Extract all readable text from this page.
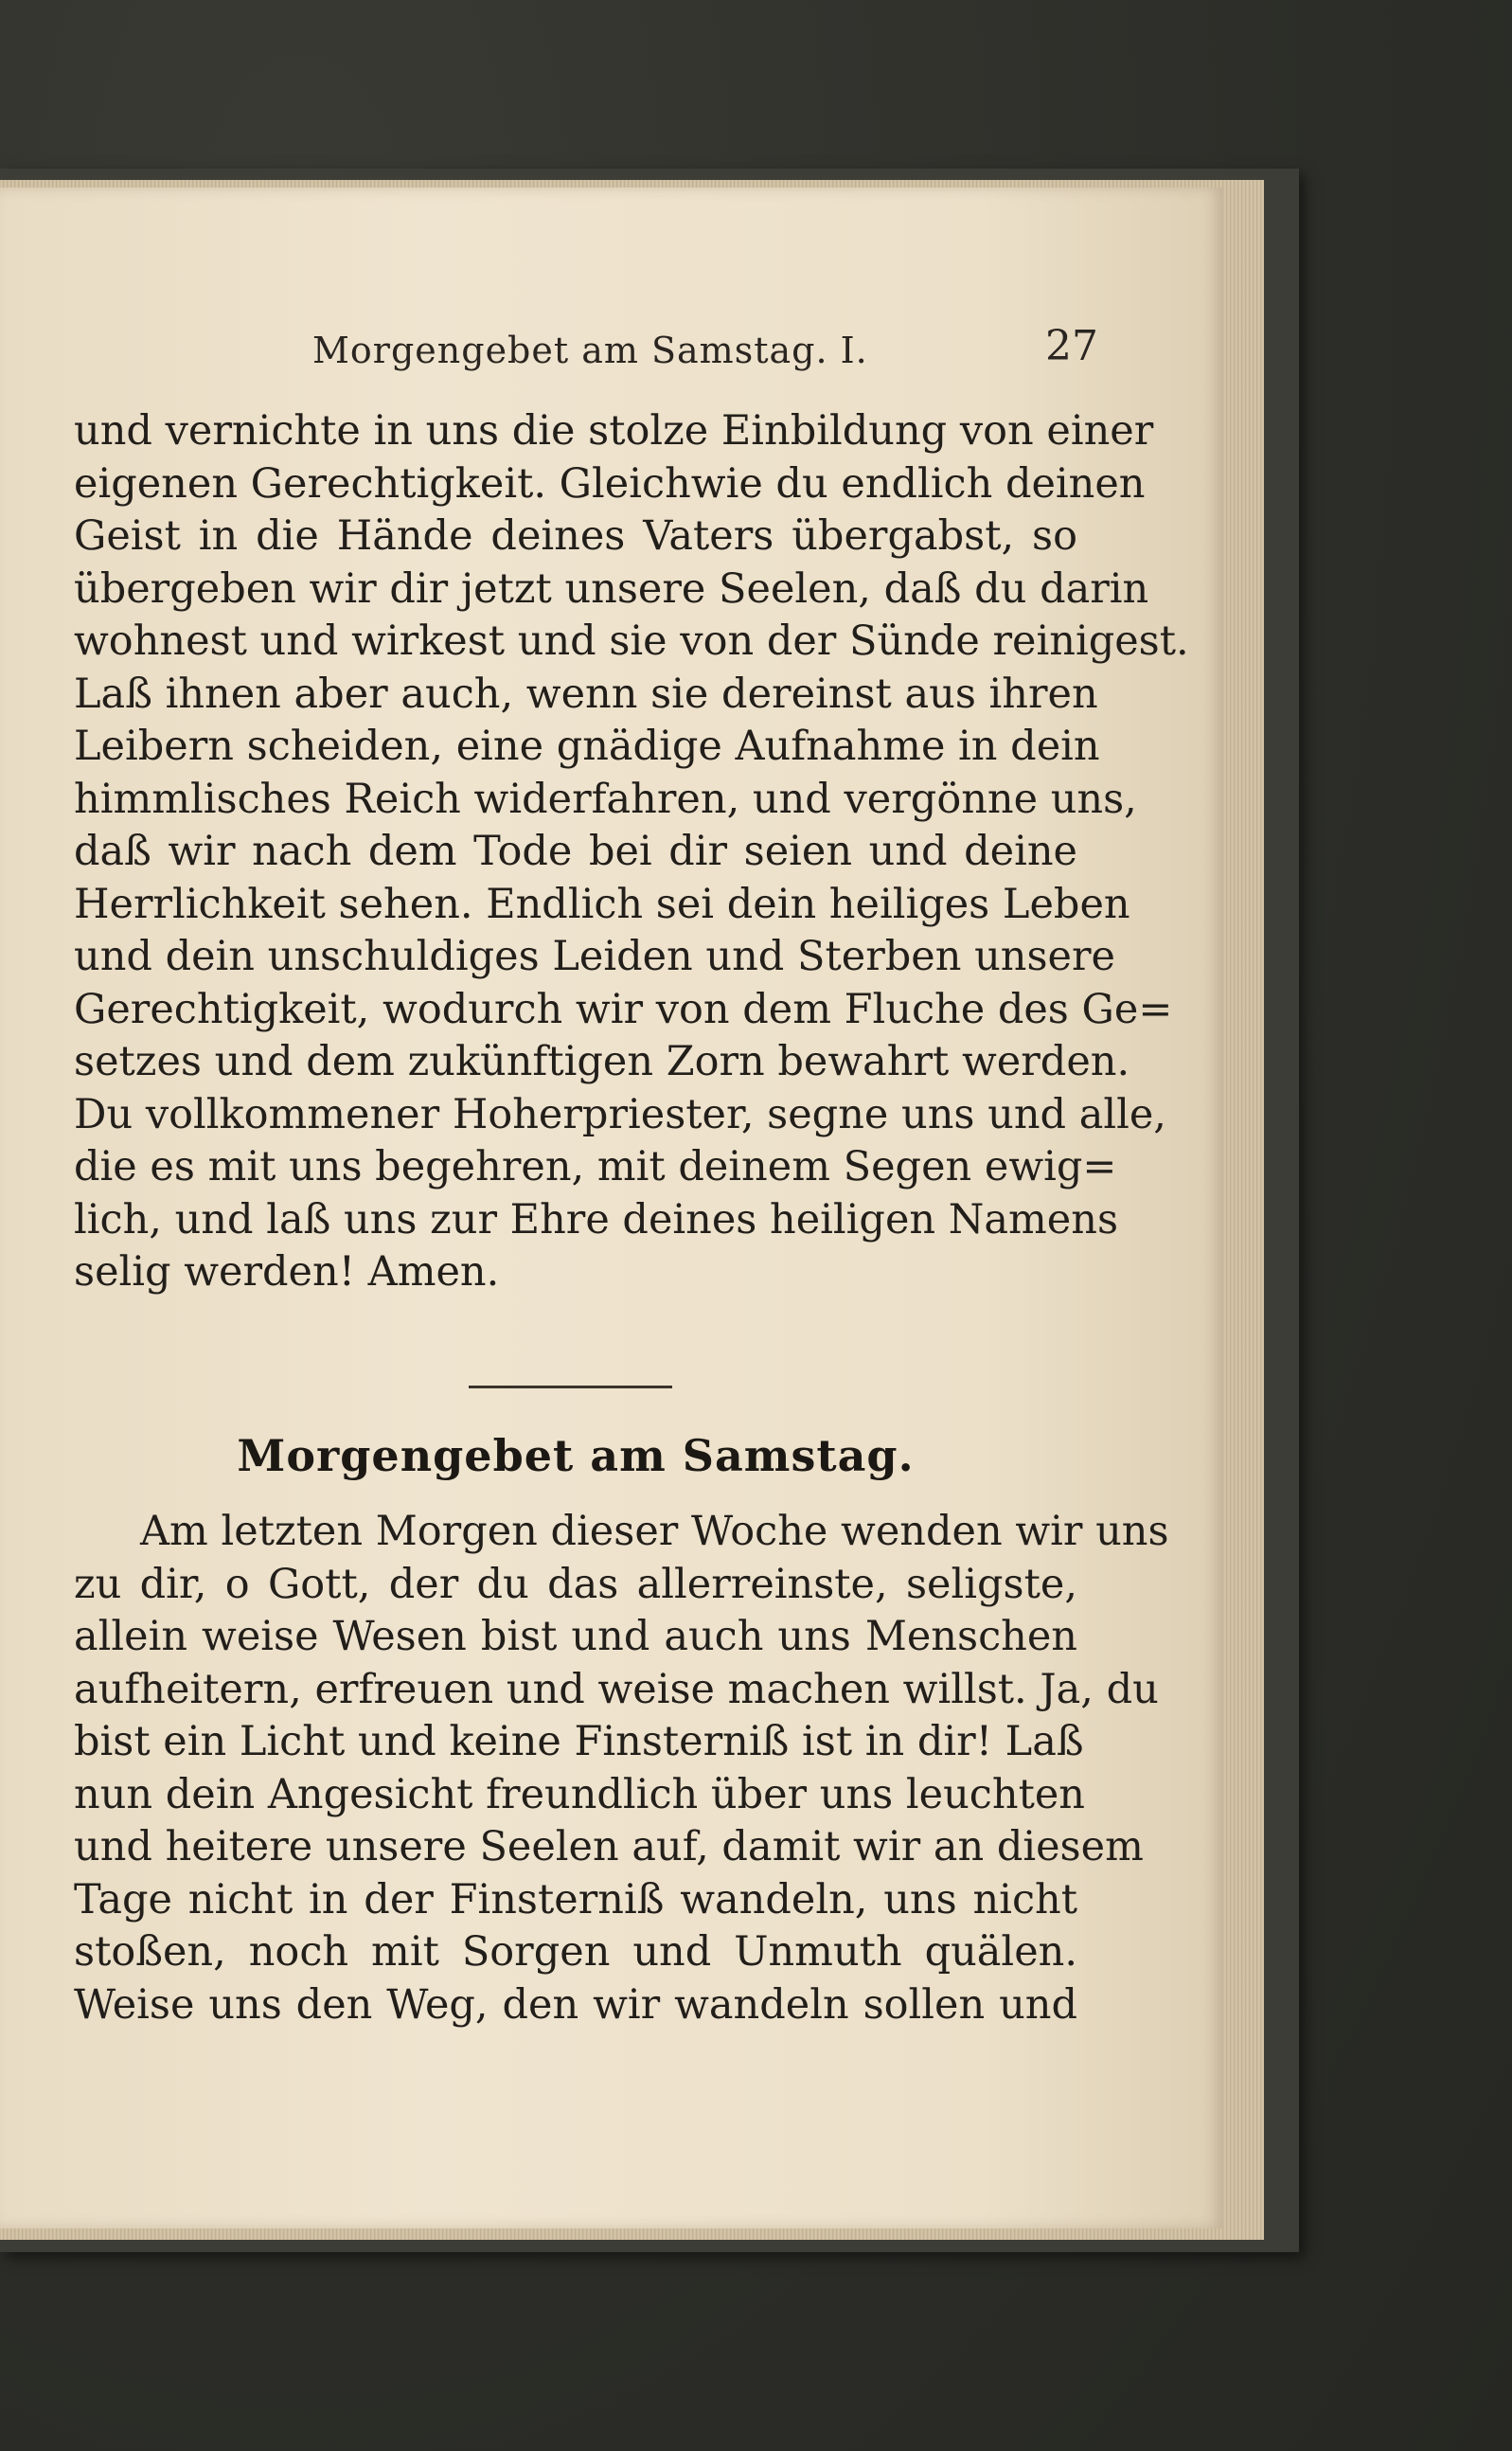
Morgengebet am Samstag. I.	27
und vernichte in uns die stolze Einbildung von einer
eigenen Gerechtigkeit. Gleichwie du endlich deinen
Geist in die Hände deines Vaters übergabst, so
übergeben wir dir jetzt unsere Seelen, daß du darin
wohnest und wirkest und sie von der Sünde reinigest.
Laß ihnen aber auch, wenn sie dereinst aus ihren
Leibern scheiden, eine gnädige Aufnahme in dein
himmlisches Reich widerfahren, und vergönne uns,
daß wir nach dem Tode bei dir seien und deine
Herrlichkeit sehen. Endlich sei dein heiliges Leben
und dein unschuldiges Leiden und Sterben unsere
Gerechtigkeit, wodurch wir von dem Fluche des Ge=
setzes und dem zukünftigen Zorn bewahrt werden.
Du vollkommener Hoherpriester, segne uns und alle,
die es mit uns begehren, mit deinem Segen ewig=
lich, und laß uns zur Ehre deines heiligen Namens
selig werden! Amen.
Morgengebet am Samstag.
Am letzten Morgen dieser Woche wenden wir uns
zu dir, o Gott, der du das allerreinste, seligste,
allein weise Wesen bist und auch uns Menschen
aufheitern, erfreuen und weise machen willst. Ja, du
bist ein Licht und keine Finsterniß ist in dir! Laß
nun dein Angesicht freundlich über uns leuchten
und heitere unsere Seelen auf, damit wir an diesem
Tage nicht in der Finsterniß wandeln, uns nicht
stoßen, noch mit Sorgen und Unmuth quälen.
Weise uns den Weg, den wir wandeln sollen und
